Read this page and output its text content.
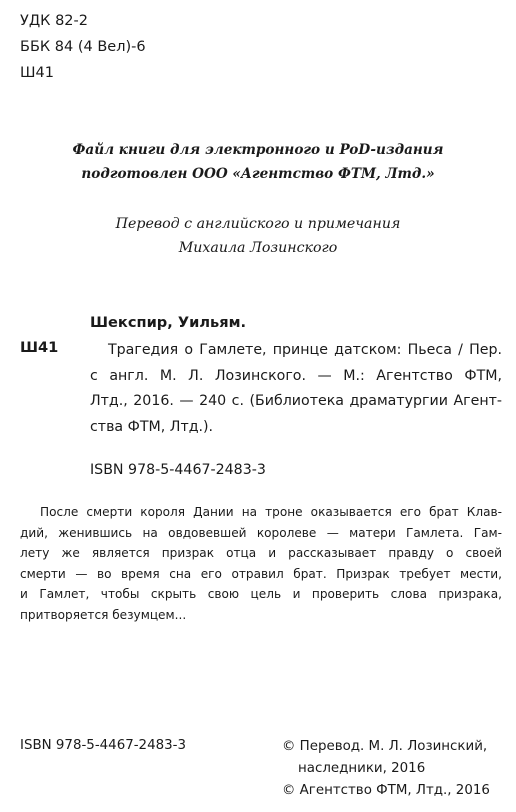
УДК 82-2
ББК 84 (4 Вел)-6
Ш41
Файл книги для электронного и PoD-издания
подготовлен ООО «Агентство ФТМ, Лтд.»
Перевод с английского и примечания
Михаила Лозинского
Шекспир, Уильям.
Ш41	Трагедия о Гамлете, принце датском: Пьеса / Пер.
с англ. М. Л. Лозинского. — М.: Агентство ФТМ,
Лтд., 2016. — 240 с. (Библиотека драматургии Агент-
ства ФТМ, Лтд.).
ISBN 978-5-4467-2483-3
После смерти короля Дании на троне оказывается его брат Клав-
дий, женившись на овдовевшей королеве — матери Гамлета. Гам-
лету же является призрак отца и рассказывает правду о своей
смерти — во время сна его отравил брат. Призрак требует мести,
и Гамлет, чтобы скрыть свою цель и проверить слова призрака,
притворяется безумцем...
ISBN 978-5-4467-2483-3	© Перевод. М. Л. Лозинский,
наследники, 2016
© Агентство ФТМ, Лтд., 2016
